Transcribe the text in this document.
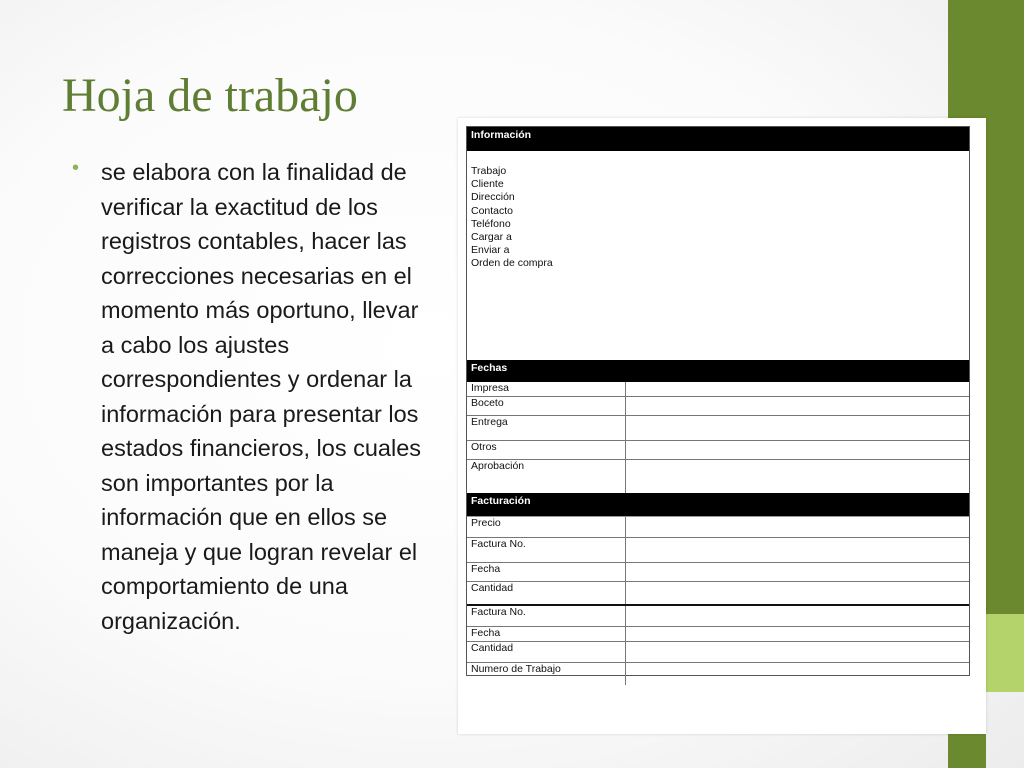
Hoja de trabajo
• se elabora con la finalidad de verificar la exactitud de los registros contables, hacer las correcciones necesarias en el momento más oportuno, llevar a cabo los ajustes correspondientes y ordenar la información para presentar los estados financieros, los cuales son importantes por la información que en ellos se maneja y que logran revelar el comportamiento de una organización.

Información
Trabajo
Cliente
Dirección
Contacto
Teléfono
Cargar a
Enviar a
Orden de compra
Fechas
Impresa
Boceto
Entrega
Otros
Aprobación
Facturación
Precio
Factura No.
Fecha
Cantidad
Factura No.
Fecha
Cantidad
Numero de Trabajo
